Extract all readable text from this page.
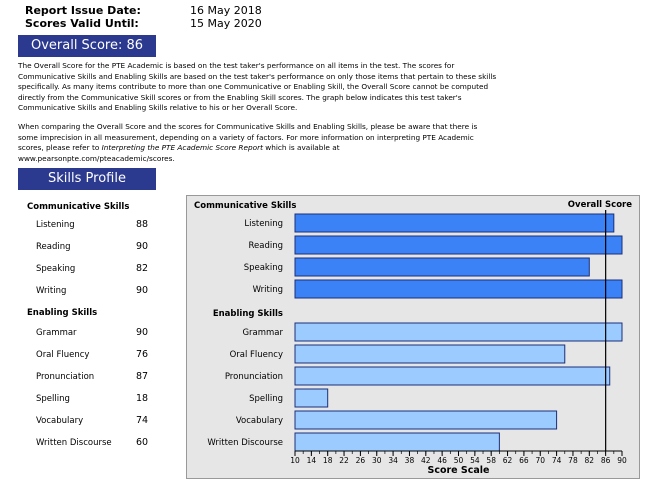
Report Issue Date:	16 May 2018
Scores Valid Until:	15 May 2020
Overall Score: 86
The Overall Score for the PTE Academic is based on the test taker's performance on all items in the test. The scores for Communicative Skills and Enabling Skills are based on the test taker's performance on only those items that pertain to these skills specifically. As many items contribute to more than one Communicative or Enabling Skill, the Overall Score cannot be computed directly from the Communicative Skill scores or from the Enabling Skill scores. The graph below indicates this test taker's Communicative Skills and Enabling Skills relative to his or her Overall Score.
When comparing the Overall Score and the scores for Communicative Skills and Enabling Skills, please be aware that there is some imprecision in all measurement, depending on a variety of factors. For more information on interpreting PTE Academic scores, please refer to Interpreting the PTE Academic Score Report which is available at www.pearsonpte.com/pteacademic/scores.
Skills Profile
Communicative Skills
Listening	88
Reading	90
Speaking	82
Writing	90
Enabling Skills
Grammar	90
Oral Fluency	76
Pronunciation	87
Spelling	18
Vocabulary	74
Written Discourse	60
Communicative Skills	Overall Score
Enabling Skills
Listening
Reading
Speaking
Writing
Grammar
Oral Fluency
Pronunciation
Spelling
Vocabulary
Written Discourse
10 14 18 22 26 30 34 38 42 46 50 54 58 62 66 70 74 78 82 86 90
Score Scale
